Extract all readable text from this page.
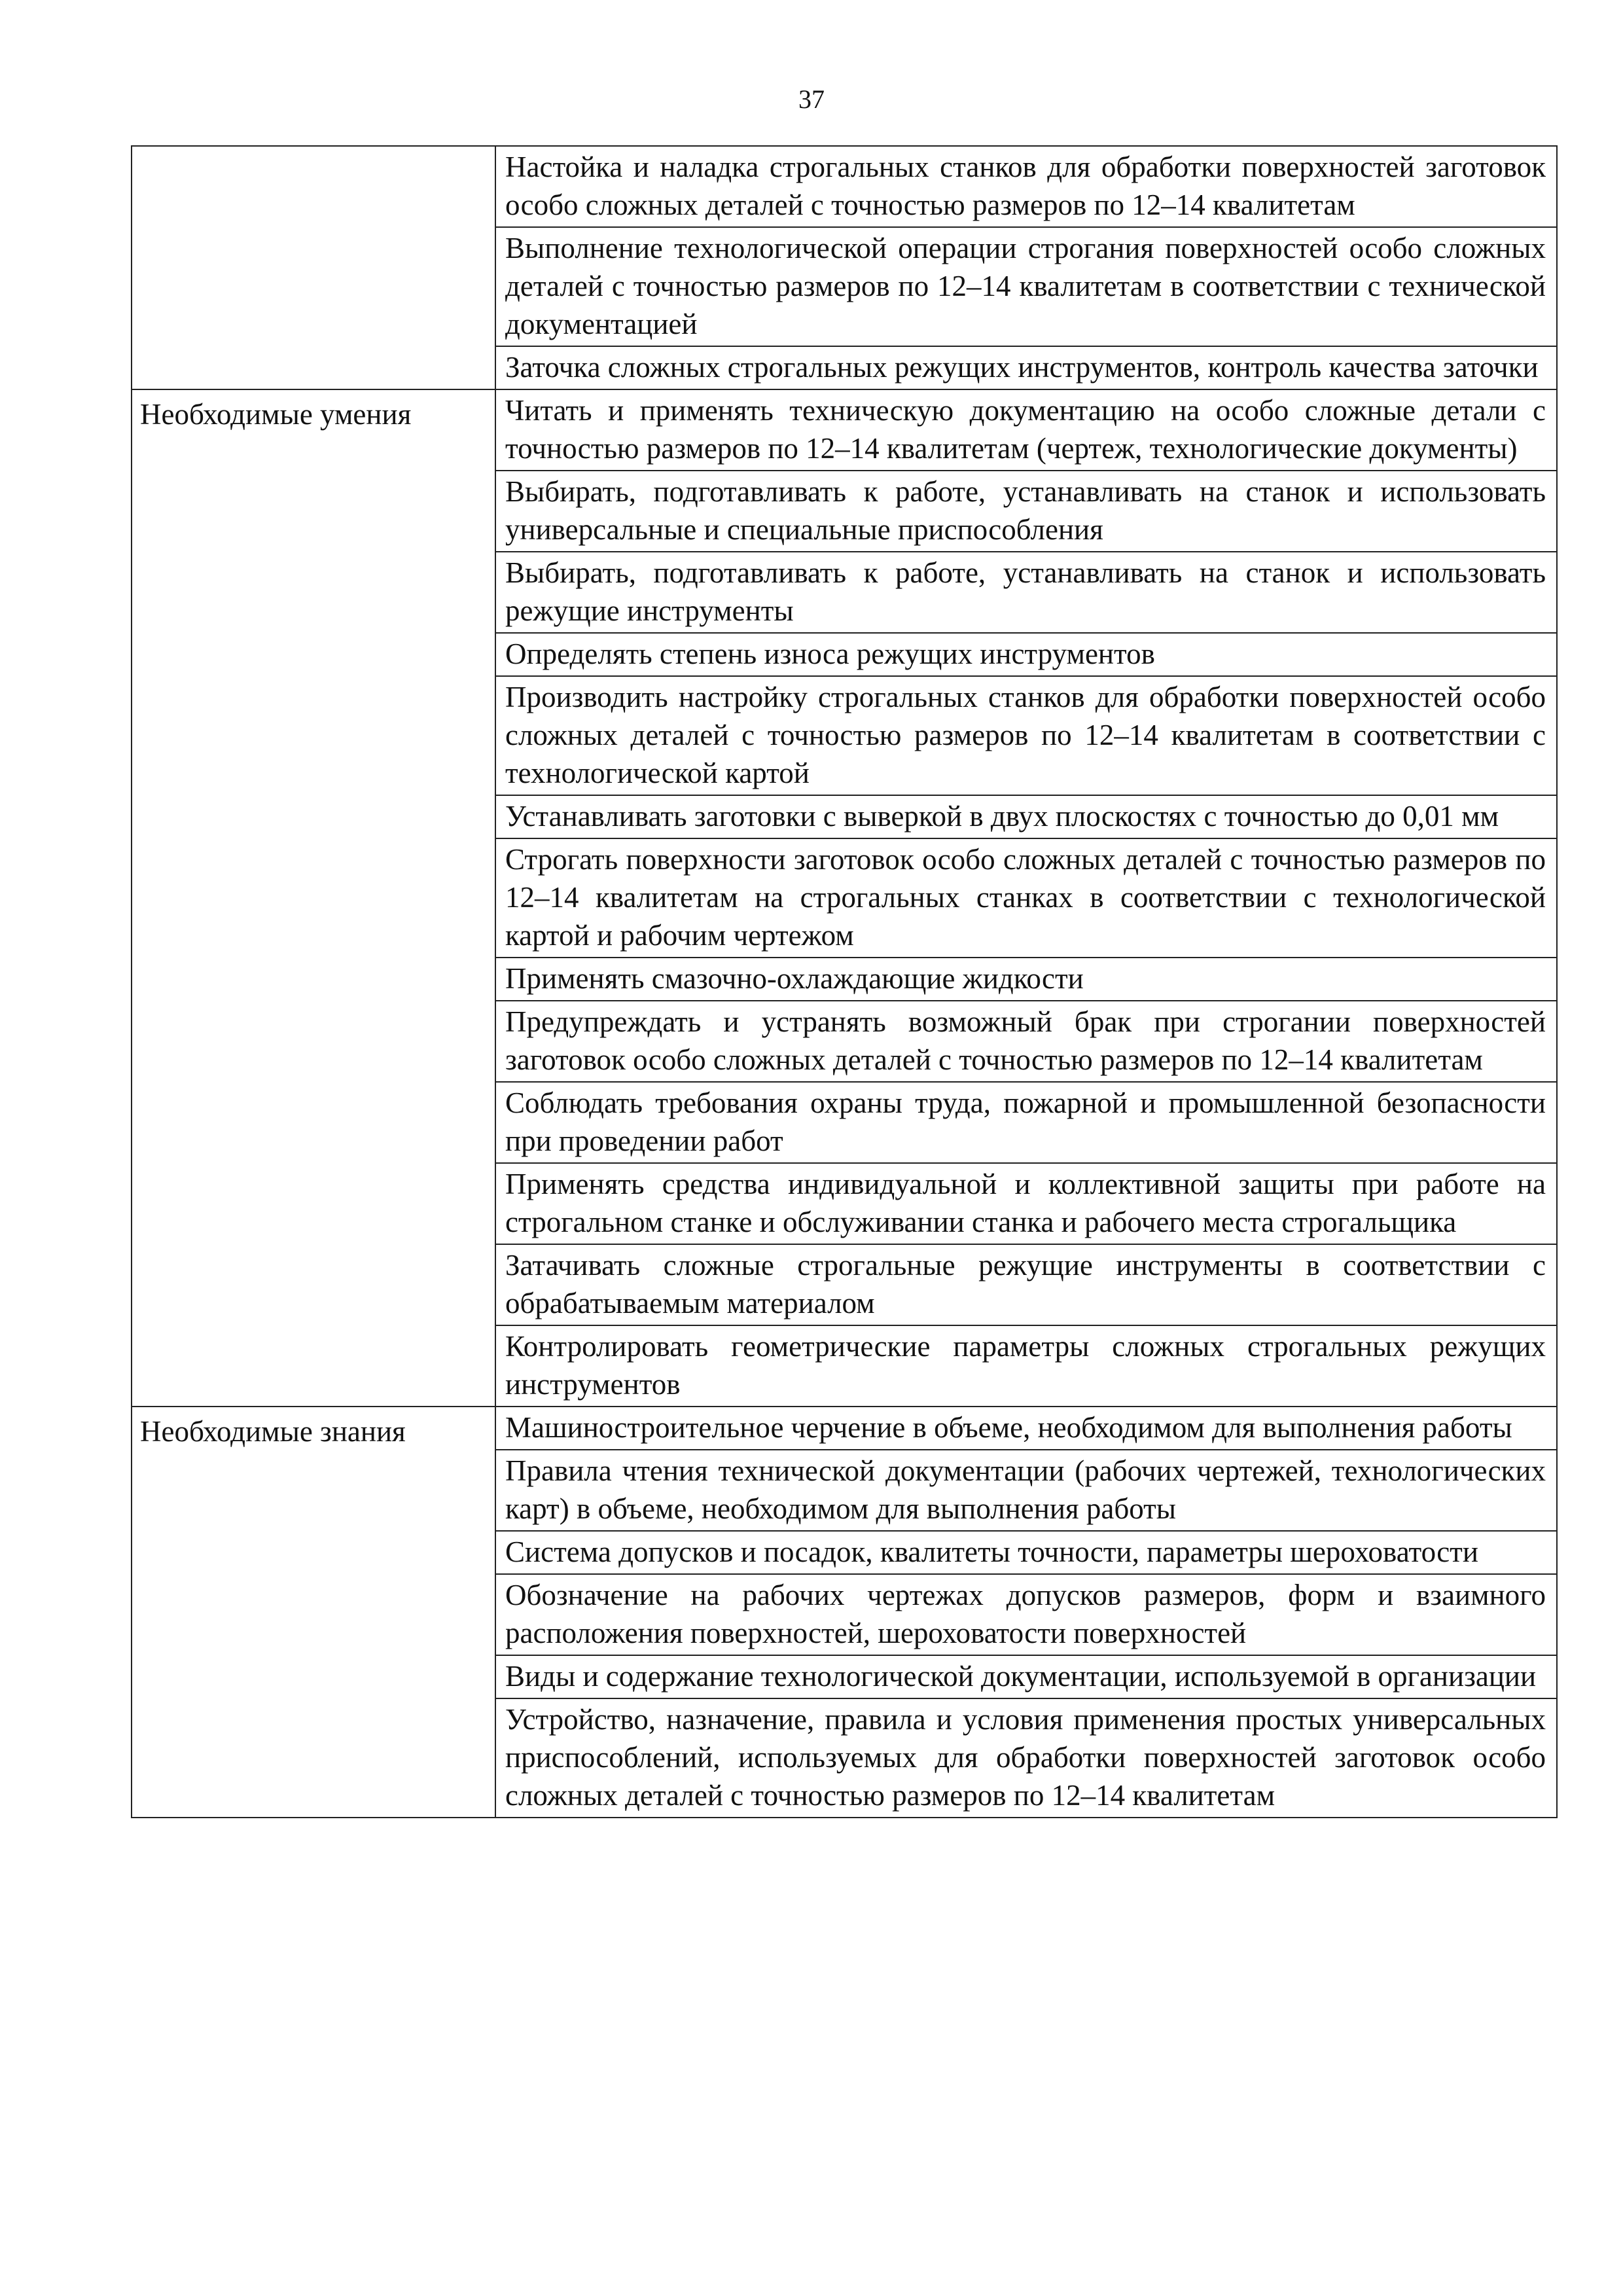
37
	Настойка и наладка строгальных станков для обработки поверхностей заготовок особо сложных деталей с точностью размеров по 12–14 квалитетам
	Выполнение технологической операции строгания поверхностей особо сложных деталей с точностью размеров по 12–14 квалитетам в соответствии с технической документацией
	Заточка сложных строгальных режущих инструментов, контроль качества заточки
Необходимые умения	Читать и применять техническую документацию на особо сложные детали с точностью размеров по 12–14 квалитетам (чертеж, технологические документы)
	Выбирать, подготавливать к работе, устанавливать на станок и использовать универсальные и специальные приспособления
	Выбирать, подготавливать к работе, устанавливать на станок и использовать режущие инструменты
	Определять степень износа режущих инструментов
	Производить настройку строгальных станков для обработки поверхностей особо сложных деталей с точностью размеров по 12–14 квалитетам в соответствии с технологической картой
	Устанавливать заготовки с выверкой в двух плоскостях с точностью до 0,01 мм
	Строгать поверхности заготовок особо сложных деталей с точностью размеров по 12–14 квалитетам на строгальных станках в соответствии с технологической картой и рабочим чертежом
	Применять смазочно-охлаждающие жидкости
	Предупреждать и устранять возможный брак при строгании поверхностей заготовок особо сложных деталей с точностью размеров по 12–14 квалитетам
	Соблюдать требования охраны труда, пожарной и промышленной безопасности при проведении работ
	Применять средства индивидуальной и коллективной защиты при работе на строгальном станке и обслуживании станка и рабочего места строгальщика
	Затачивать сложные строгальные режущие инструменты в соответствии с обрабатываемым материалом
	Контролировать геометрические параметры сложных строгальных режущих инструментов
Необходимые знания	Машиностроительное черчение в объеме, необходимом для выполнения работы
	Правила чтения технической документации (рабочих чертежей, технологических карт) в объеме, необходимом для выполнения работы
	Система допусков и посадок, квалитеты точности, параметры шероховатости
	Обозначение на рабочих чертежах допусков размеров, форм и взаимного расположения поверхностей, шероховатости поверхностей
	Виды и содержание технологической документации, используемой в организации
	Устройство, назначение, правила и условия применения простых универсальных приспособлений, используемых для обработки поверхностей заготовок особо сложных деталей с точностью размеров по 12–14 квалитетам
